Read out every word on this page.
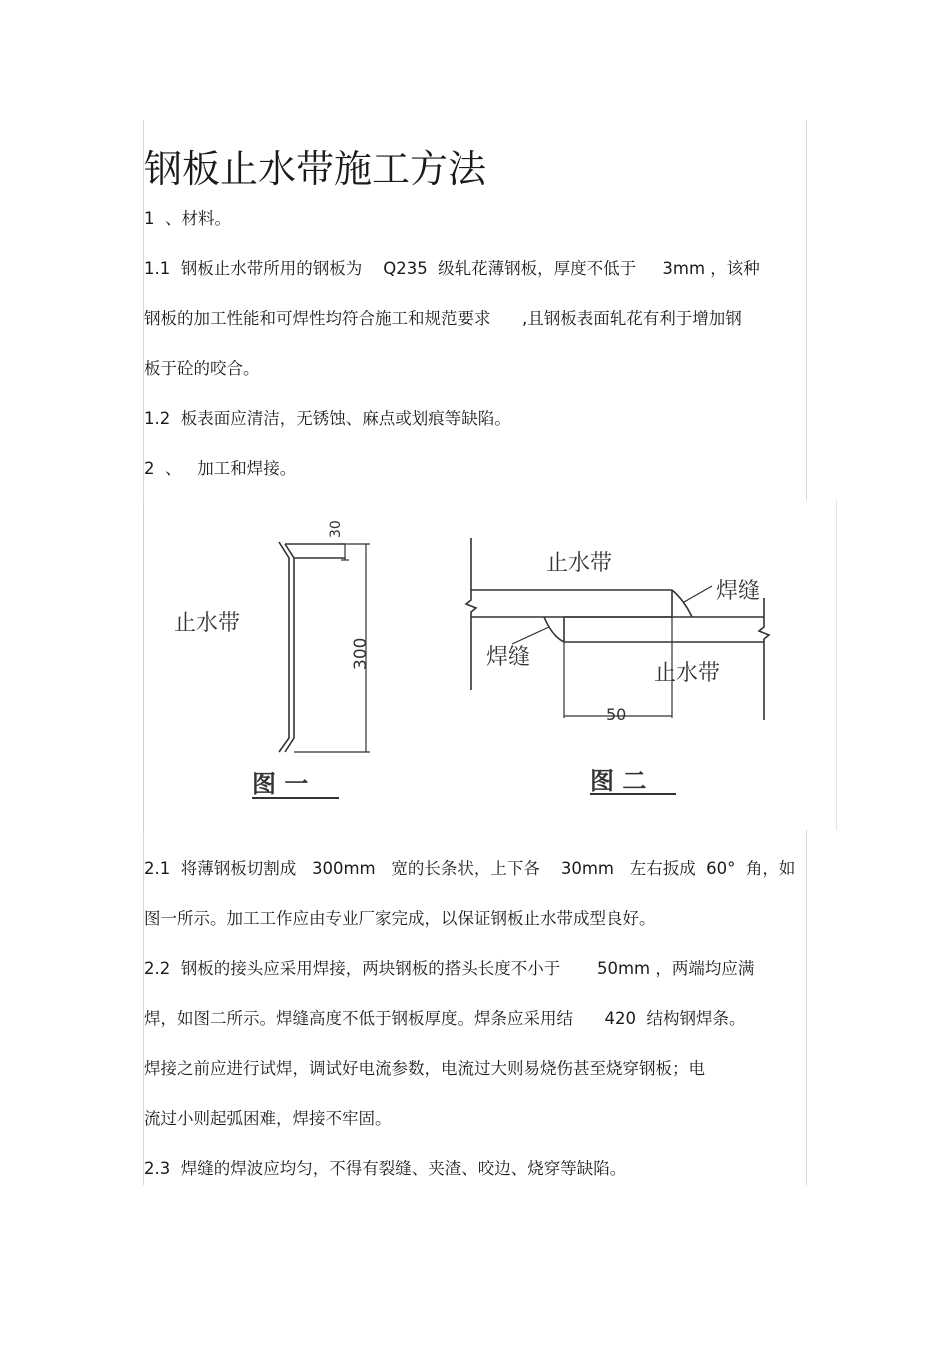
钢板止水带施工方法

1  、材料。

1.1  钢板止水带所用的钢板为    Q235  级轧花薄钢板，厚度不低于     3mm ，该种

钢板的加工性能和可焊性均符合施工和规范要求      ,且钢板表面轧花有利于增加钢

板于砼的咬合。

1.2  板表面应清洁，无锈蚀、麻点或划痕等缺陷。

2  、   加工和焊接。

止水带
30
300
图 一
止水带
焊缝
焊缝
止水带
50
图 二

2.1  将薄钢板切割成   300mm   宽的长条状，上下各    30mm   左右扳成  60°  角，如

图一所示。加工工作应由专业厂家完成，以保证钢板止水带成型良好。

2.2  钢板的接头应采用焊接，两块钢板的搭头长度不小于       50mm ，两端均应满

焊，如图二所示。焊缝高度不低于钢板厚度。焊条应采用结      420  结构钢焊条。

焊接之前应进行试焊，调试好电流参数，电流过大则易烧伤甚至烧穿钢板；电

流过小则起弧困难，焊接不牢固。

2.3  焊缝的焊波应均匀，不得有裂缝、夹渣、咬边、烧穿等缺陷。
